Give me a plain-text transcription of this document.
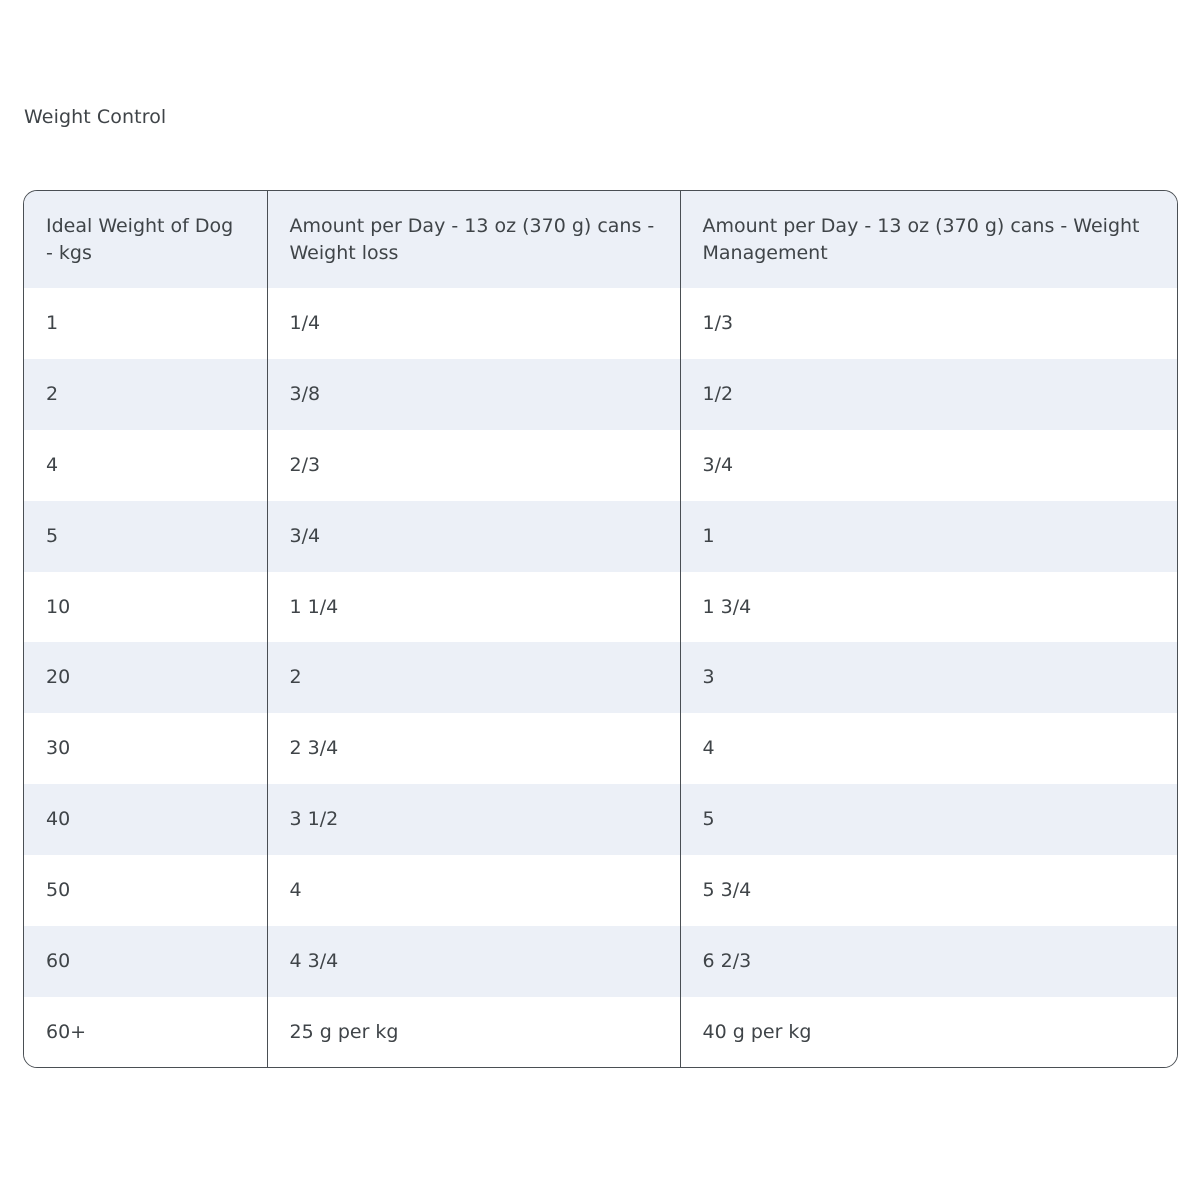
Weight Control
Ideal Weight of Dog - kgs	Amount per Day - 13 oz (370 g) cans - Weight loss	Amount per Day - 13 oz (370 g) cans - Weight Management
1	1/4	1/3
2	3/8	1/2
4	2/3	3/4
5	3/4	1
10	1 1/4	1 3/4
20	2	3
30	2 3/4	4
40	3 1/2	5
50	4	5 3/4
60	4 3/4	6 2/3
60+	25 g per kg	40 g per kg
